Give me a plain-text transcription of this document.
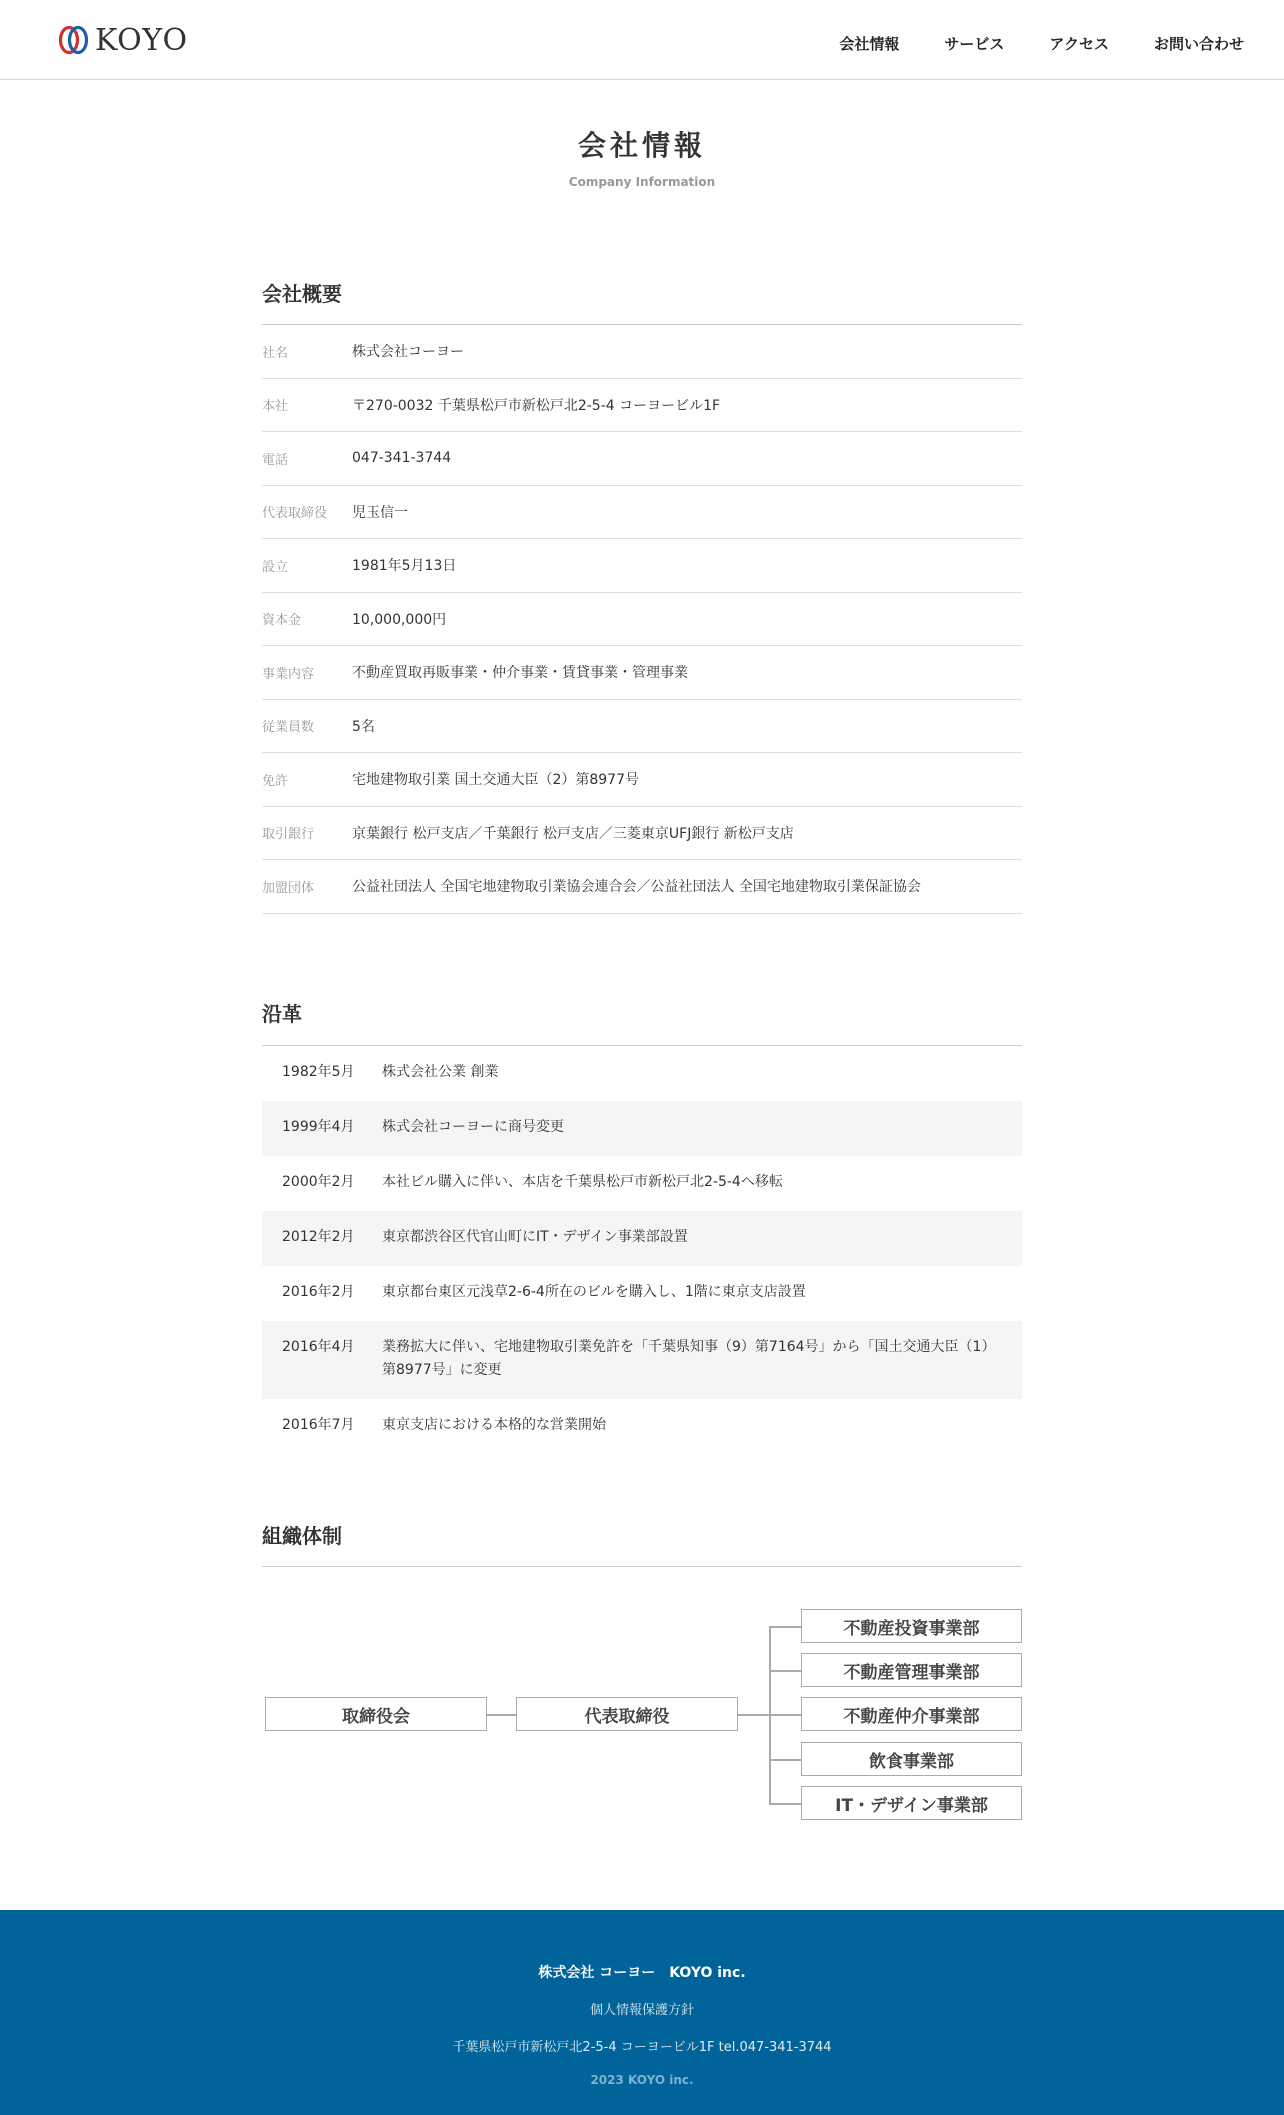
KOYO	会社情報	サービス	アクセス	お問い合わせ
会社情報
Company Information
会社概要
社名	株式会社コーヨー
本社	〒270-0032 千葉県松戸市新松戸北2-5-4 コーヨービル1F
電話	047-341-3744
代表取締役	児玉信一
設立	1981年5月13日
資本金	10,000,000円
事業内容	不動産買取再販事業・仲介事業・賃貸事業・管理事業
従業員数	5名
免許	宅地建物取引業 国土交通大臣（2）第8977号
取引銀行	京葉銀行 松戸支店／千葉銀行 松戸支店／三菱東京UFJ銀行 新松戸支店
加盟団体	公益社団法人 全国宅地建物取引業協会連合会／公益社団法人 全国宅地建物取引業保証協会
沿革
1982年5月	株式会社公業 創業
1999年4月	株式会社コーヨーに商号変更
2000年2月	本社ビル購入に伴い、本店を千葉県松戸市新松戸北2-5-4へ移転
2012年2月	東京都渋谷区代官山町にIT・デザイン事業部設置
2016年2月	東京都台東区元浅草2-6-4所在のビルを購入し、1階に東京支店設置
2016年4月	業務拡大に伴い、宅地建物取引業免許を「千葉県知事（9）第7164号」から「国土交通大臣（1）第8977号」に変更
2016年7月	東京支店における本格的な営業開始
組織体制
取締役会	代表取締役
不動産投資事業部
不動産管理事業部
不動産仲介事業部
飲食事業部
IT・デザイン事業部
株式会社 コーヨー　KOYO inc.
個人情報保護方針
千葉県松戸市新松戸北2-5-4 コーヨービル1F tel.047-341-3744
2023 KOYO inc.
